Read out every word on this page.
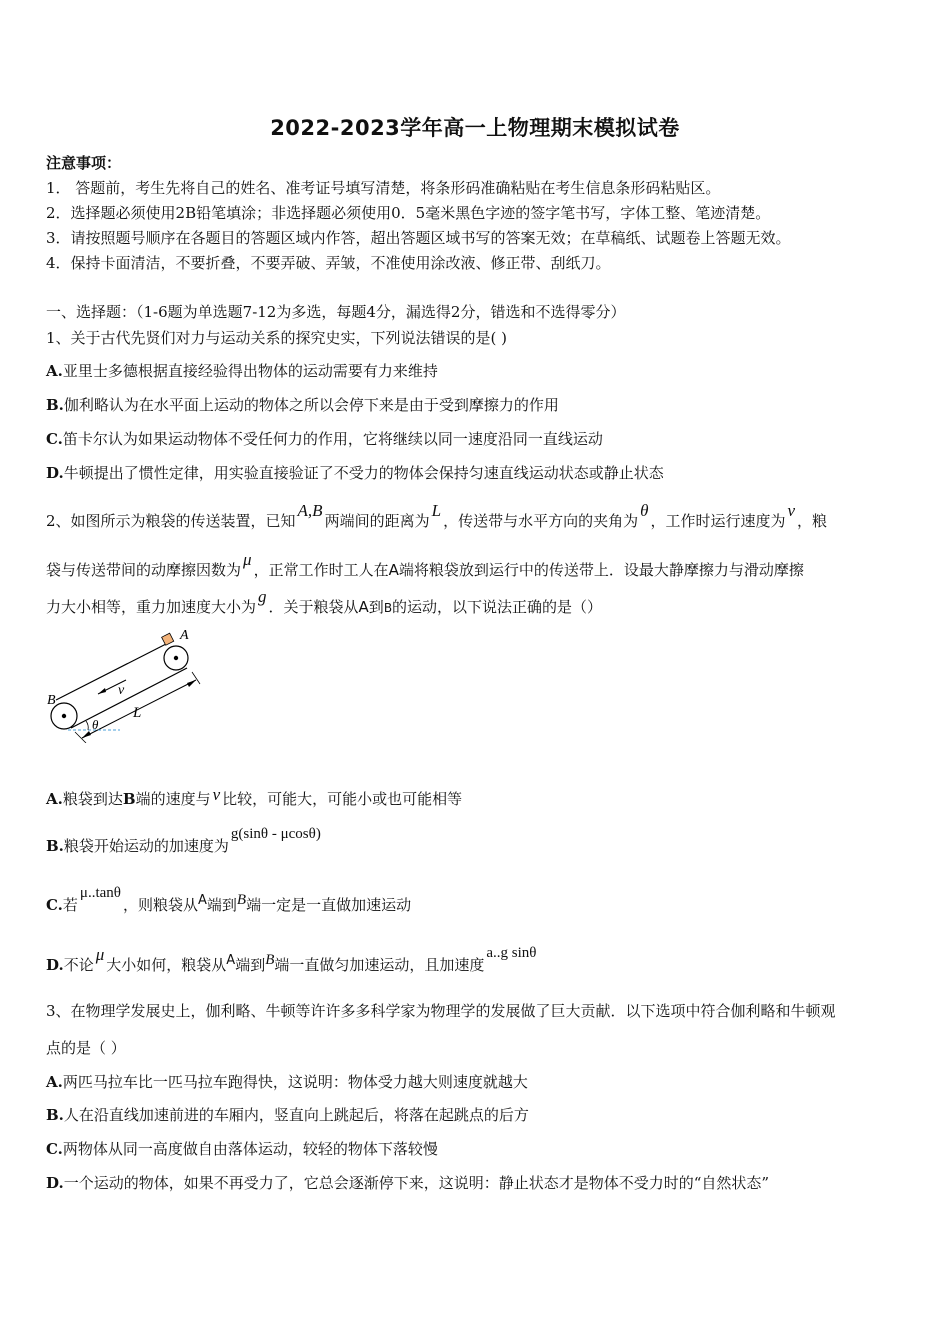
2022-2023学年高一上物理期末模拟试卷
注意事项：
1． 答题前，考生先将自己的姓名、准考证号填写清楚，将条形码准确粘贴在考生信息条形码粘贴区。
2．选择题必须使用2B铅笔填涂；非选择题必须使用0．5毫米黑色字迹的签字笔书写，字体工整、笔迹清楚。
3．请按照题号顺序在各题目的答题区域内作答，超出答题区域书写的答案无效；在草稿纸、试题卷上答题无效。
4．保持卡面清洁，不要折叠，不要弄破、弄皱，不准使用涂改液、修正带、刮纸刀。
一、选择题：（1-6题为单选题7-12为多选，每题4分，漏选得2分，错选和不选得零分）
1、关于古代先贤们对力与运动关系的探究史实，下列说法错误的是( )
A.亚里士多德根据直接经验得出物体的运动需要有力来维持
B.伽利略认为在水平面上运动的物体之所以会停下来是由于受到摩擦力的作用
C.笛卡尔认为如果运动物体不受任何力的作用，它将继续以同一速度沿同一直线运动
D.牛顿提出了惯性定律，用实验直接验证了不受力的物体会保持匀速直线运动状态或静止状态
2、如图所示为粮袋的传送装置，已知A,B两端间的距离为L，传送带与水平方向的夹角为θ，工作时运行速度为v，粮
袋与传送带间的动摩擦因数为μ，正常工作时工人在A端将粮袋放到运行中的传送带上．设最大静摩擦力与滑动摩擦
力大小相等，重力加速度大小为g．关于粮袋从A到B的运动，以下说法正确的是（）
A
B
v
L
θ
A.粮袋到达B端的速度与 v 比较，可能大，可能小或也可能相等
B.粮袋开始运动的加速度为g(sinθ - μcosθ)
C.若μ..tanθ，则粮袋从A端到B端一定是一直做加速运动
D.不论μ大小如何，粮袋从A端到B端一直做匀加速运动，且加速度a..g sinθ
3、在物理学发展史上，伽利略、牛顿等许许多多科学家为物理学的发展做了巨大贡献．以下选项中符合伽利略和牛顿观
点的是（ ）
A.两匹马拉车比一匹马拉车跑得快，这说明：物体受力越大则速度就越大
B.人在沿直线加速前进的车厢内，竖直向上跳起后，将落在起跳点的后方
C.两物体从同一高度做自由落体运动，较轻的物体下落较慢
D.一个运动的物体，如果不再受力了，它总会逐渐停下来，这说明：静止状态才是物体不受力时的“自然状态”
